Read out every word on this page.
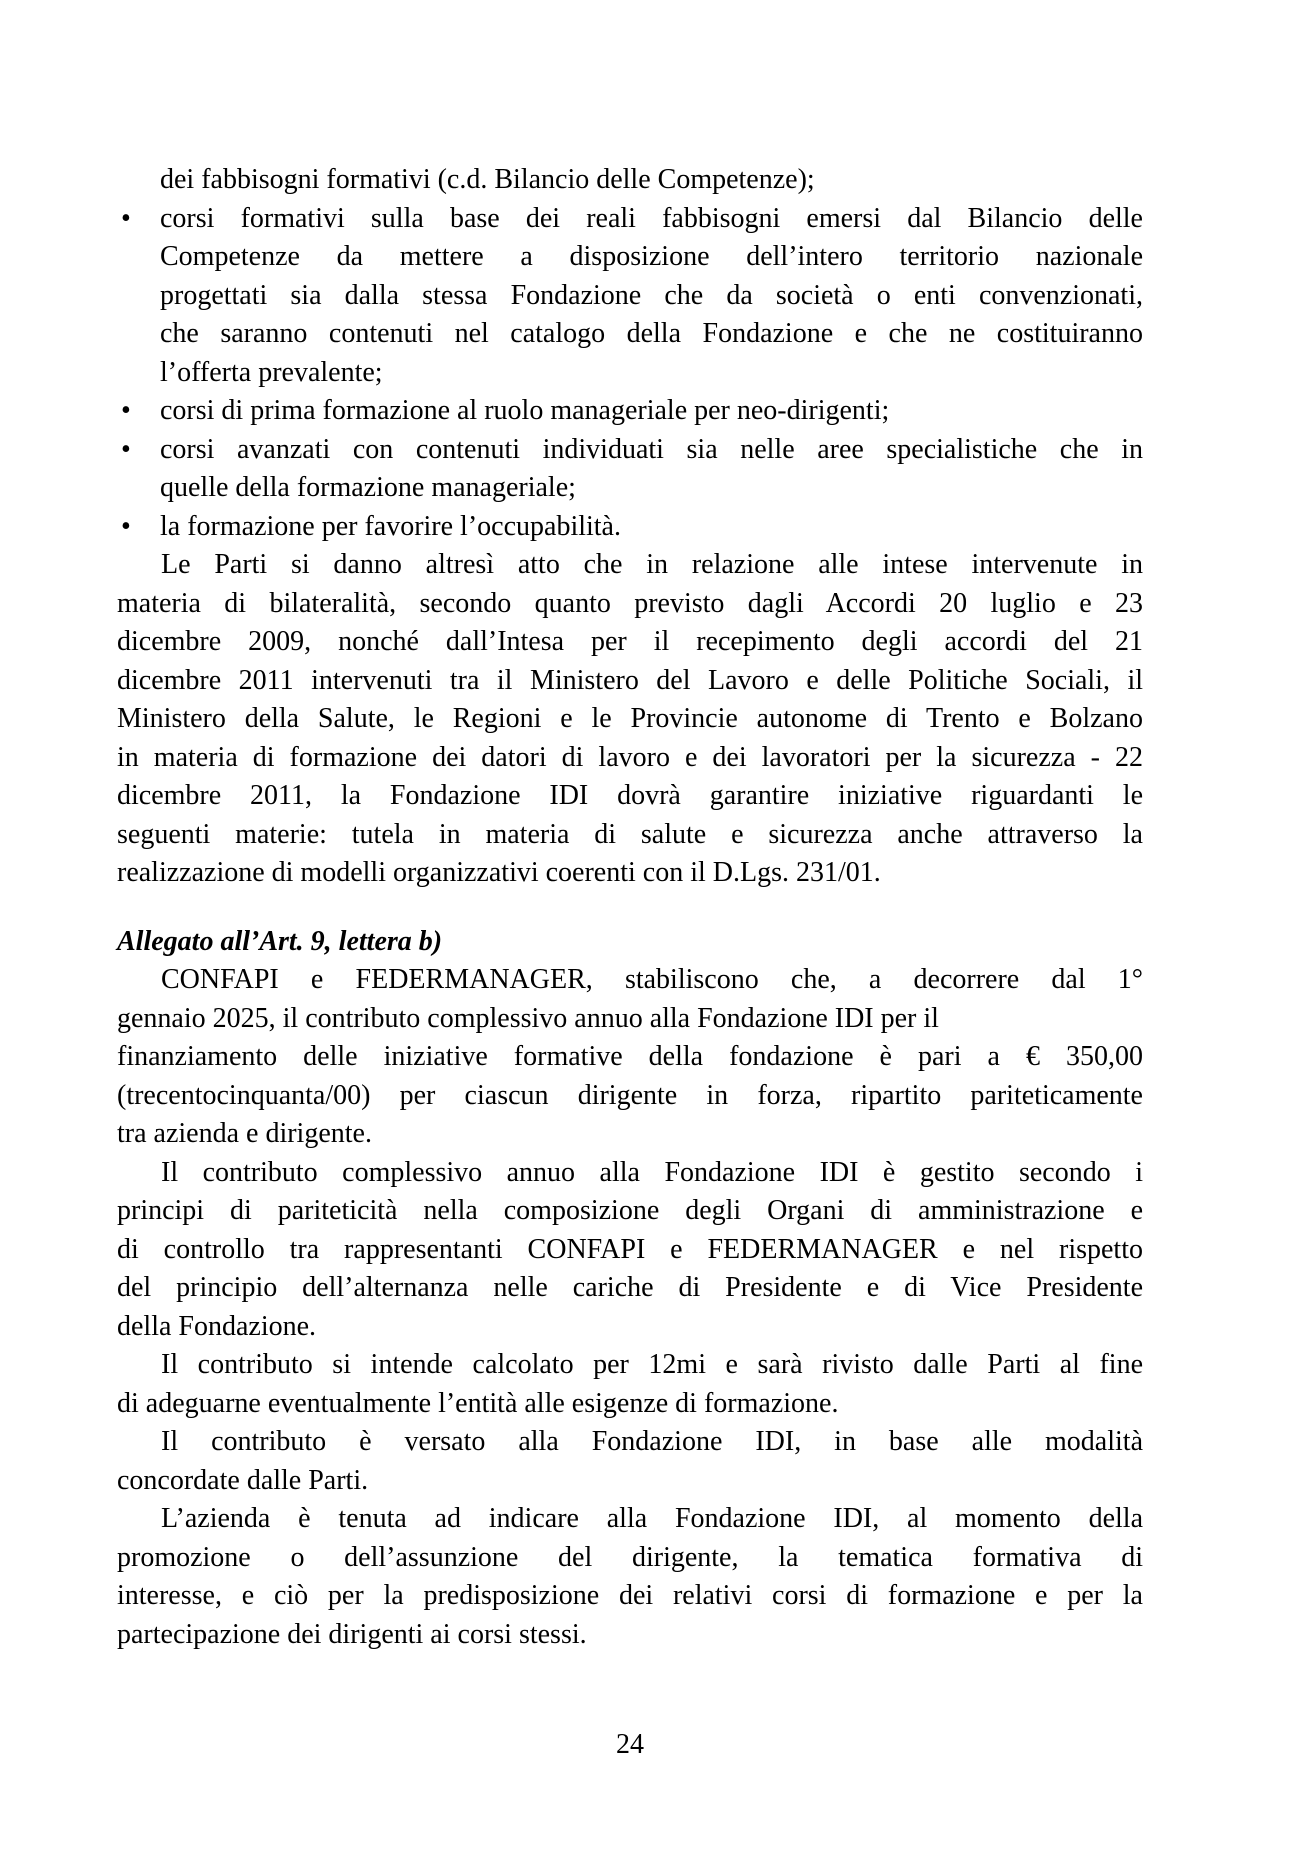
dei fabbisogni formativi (c.d. Bilancio delle Competenze);
• corsi formativi sulla base dei reali fabbisogni emersi dal Bilancio delle
Competenze da mettere a disposizione dell’intero territorio nazionale
progettati sia dalla stessa Fondazione che da società o enti convenzionati,
che saranno contenuti nel catalogo della Fondazione e che ne costituiranno
l’offerta prevalente;
• corsi di prima formazione al ruolo manageriale per neo-dirigenti;
• corsi avanzati con contenuti individuati sia nelle aree specialistiche che in
quelle della formazione manageriale;
• la formazione per favorire l’occupabilità.
Le Parti si danno altresì atto che in relazione alle intese intervenute in
materia di bilateralità, secondo quanto previsto dagli Accordi 20 luglio e 23
dicembre 2009, nonché dall’Intesa per il recepimento degli accordi del 21
dicembre 2011 intervenuti tra il Ministero del Lavoro e delle Politiche Sociali, il
Ministero della Salute, le Regioni e le Provincie autonome di Trento e Bolzano
in materia di formazione dei datori di lavoro e dei lavoratori per la sicurezza - 22
dicembre 2011, la Fondazione IDI dovrà garantire iniziative riguardanti le
seguenti materie: tutela in materia di salute e sicurezza anche attraverso la
realizzazione di modelli organizzativi coerenti con il D.Lgs. 231/01.
Allegato all’Art. 9, lettera b)
CONFAPI e FEDERMANAGER, stabiliscono che, a decorrere dal 1°
gennaio 2025, il contributo complessivo annuo alla Fondazione IDI per il
finanziamento delle iniziative formative della fondazione è pari a € 350,00
(trecentocinquanta/00) per ciascun dirigente in forza, ripartito pariteticamente
tra azienda e dirigente.
Il contributo complessivo annuo alla Fondazione IDI è gestito secondo i
principi di pariteticità nella composizione degli Organi di amministrazione e
di controllo tra rappresentanti CONFAPI e FEDERMANAGER e nel rispetto
del principio dell’alternanza nelle cariche di Presidente e di Vice Presidente
della Fondazione.
Il contributo si intende calcolato per 12mi e sarà rivisto dalle Parti al fine
di adeguarne eventualmente l’entità alle esigenze di formazione.
Il contributo è versato alla Fondazione IDI, in base alle modalità
concordate dalle Parti.
L’azienda è tenuta ad indicare alla Fondazione IDI, al momento della
promozione o dell’assunzione del dirigente, la tematica formativa di
interesse, e ciò per la predisposizione dei relativi corsi di formazione e per la
partecipazione dei dirigenti ai corsi stessi.
24
